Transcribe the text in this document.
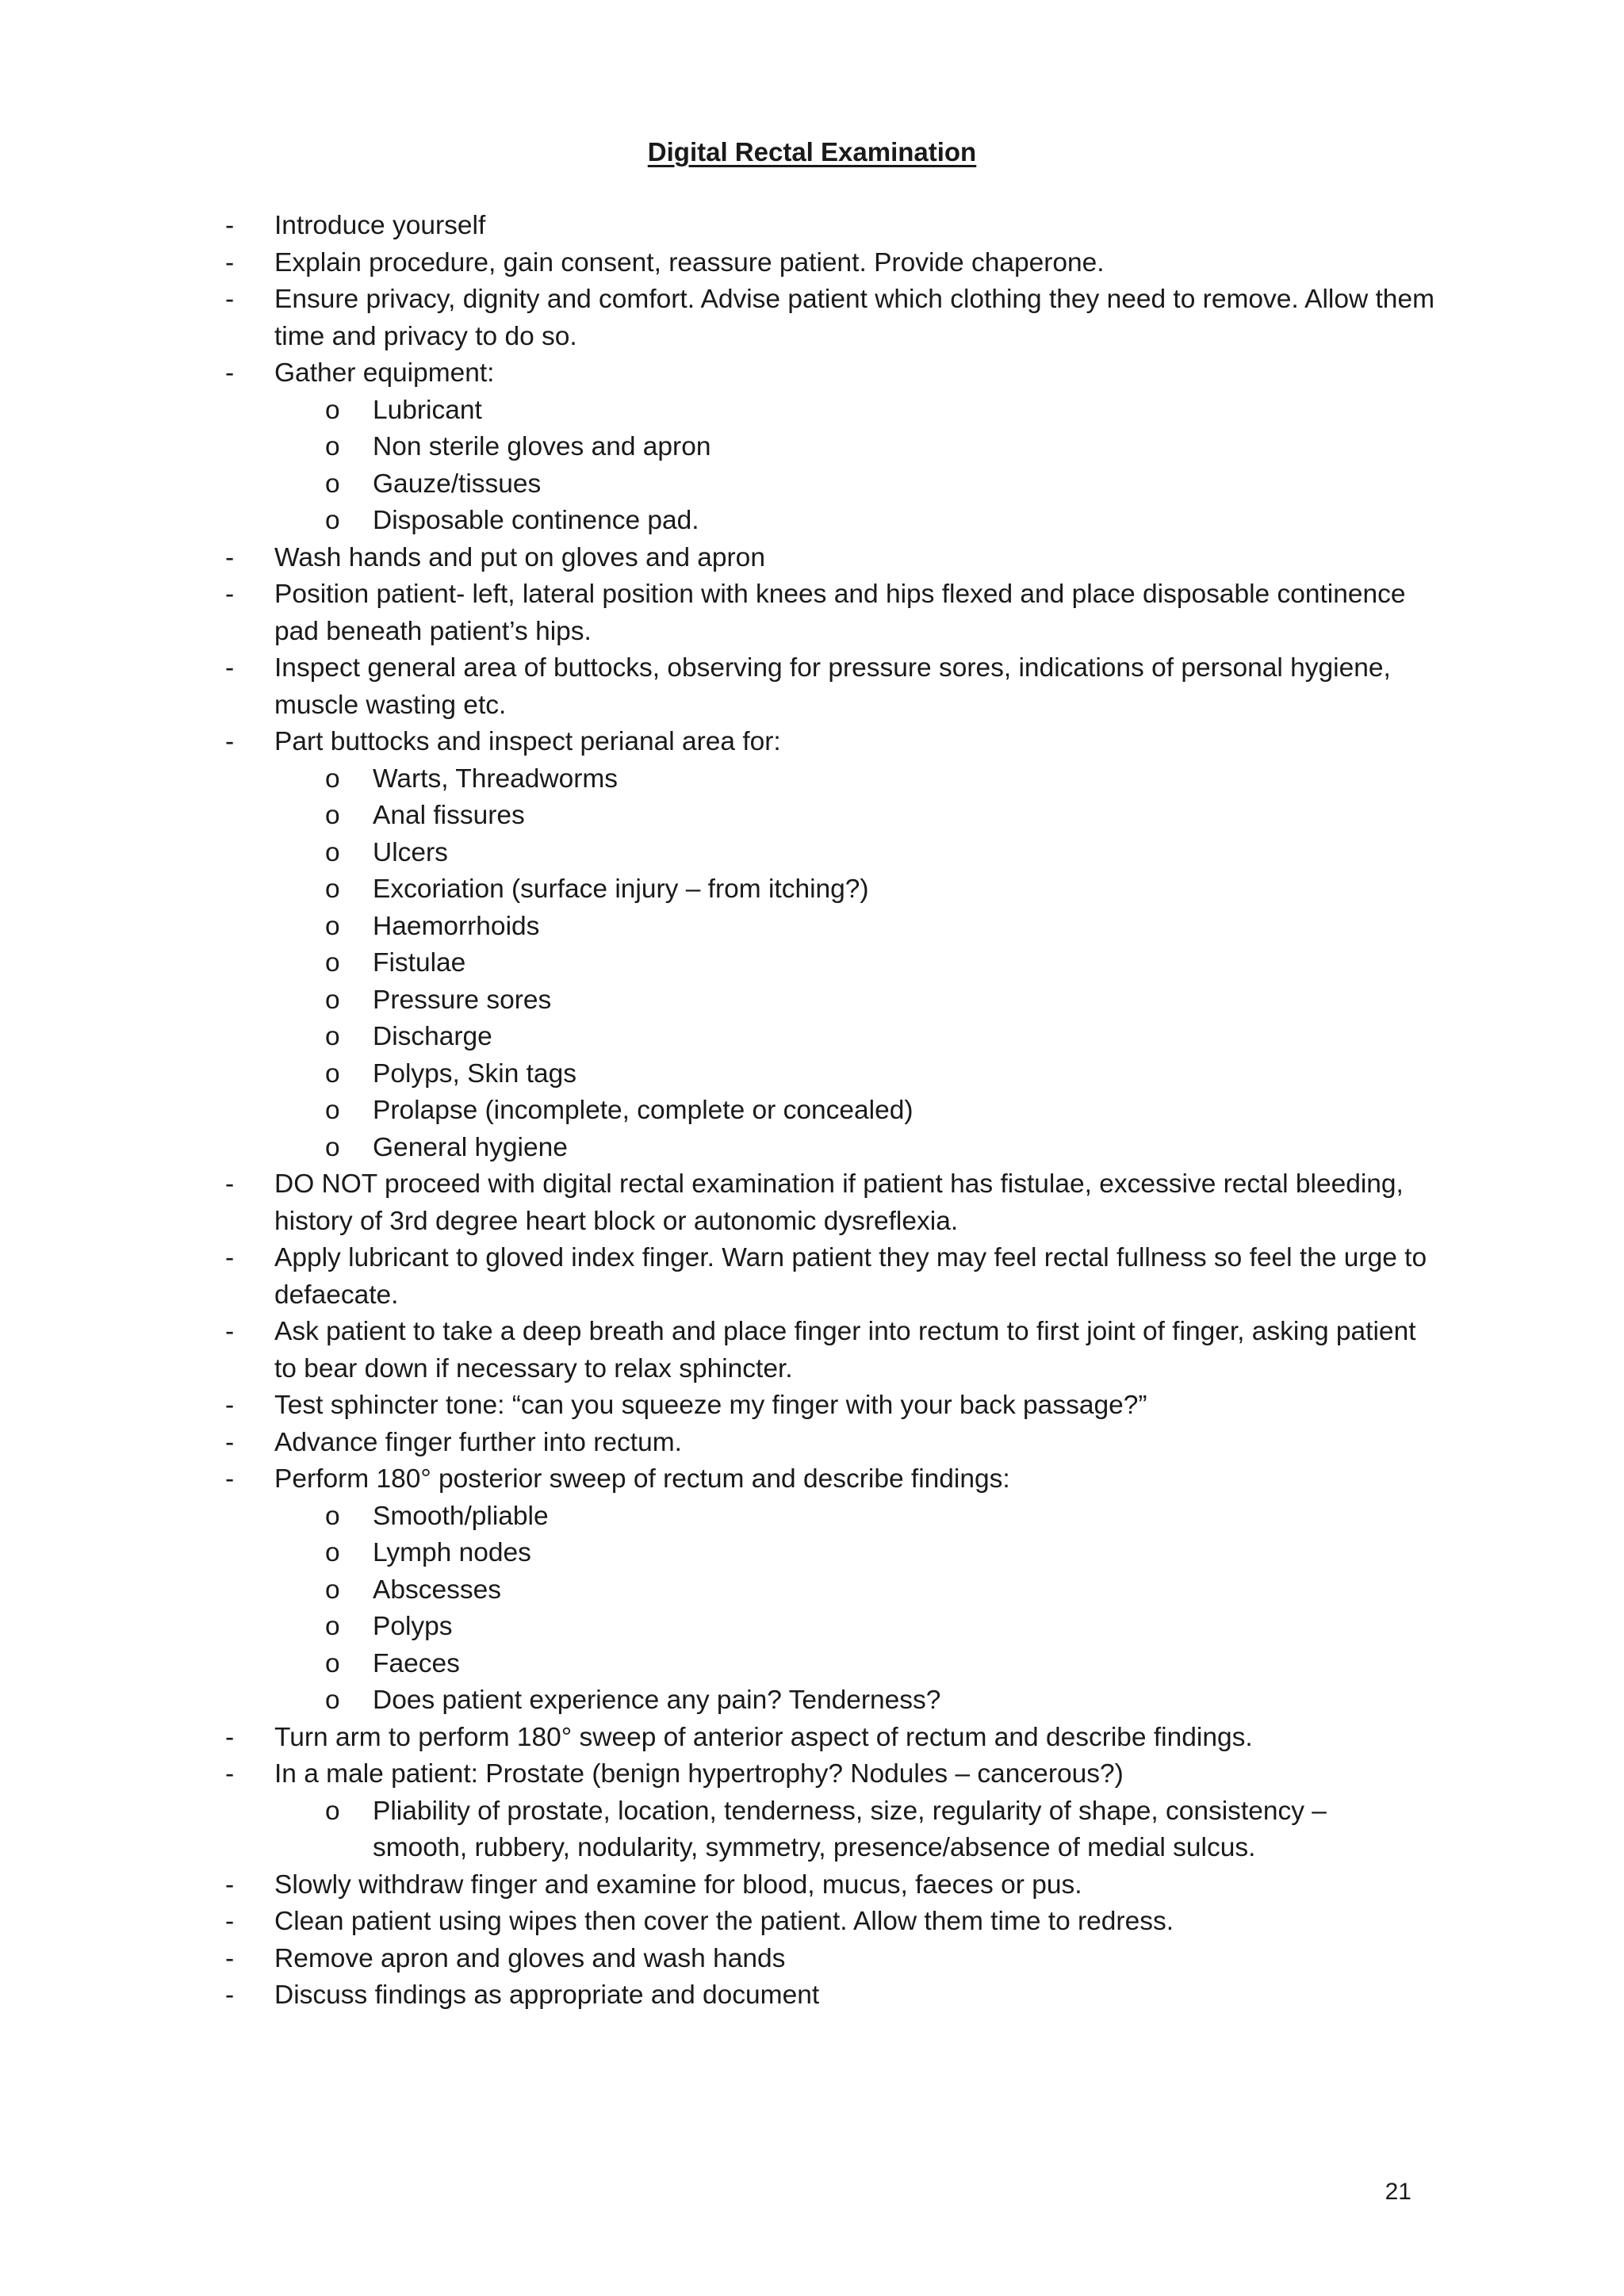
Digital Rectal Examination
- Introduce yourself
- Explain procedure, gain consent, reassure patient. Provide chaperone.
- Ensure privacy, dignity and comfort. Advise patient which clothing they need to remove. Allow them time and privacy to do so.
- Gather equipment:
o Lubricant
o Non sterile gloves and apron
o Gauze/tissues
o Disposable continence pad.
- Wash hands and put on gloves and apron
- Position patient- left, lateral position with knees and hips flexed and place disposable continence pad beneath patient’s hips.
- Inspect general area of buttocks, observing for pressure sores, indications of personal hygiene, muscle wasting etc.
- Part buttocks and inspect perianal area for:
o Warts, Threadworms
o Anal fissures
o Ulcers
o Excoriation (surface injury – from itching?)
o Haemorrhoids
o Fistulae
o Pressure sores
o Discharge
o Polyps, Skin tags
o Prolapse (incomplete, complete or concealed)
o General hygiene
- DO NOT proceed with digital rectal examination if patient has fistulae, excessive rectal bleeding, history of 3rd degree heart block or autonomic dysreflexia.
- Apply lubricant to gloved index finger. Warn patient they may feel rectal fullness so feel the urge to defaecate.
- Ask patient to take a deep breath and place finger into rectum to first joint of finger, asking patient to bear down if necessary to relax sphincter.
- Test sphincter tone: “can you squeeze my finger with your back passage?”
- Advance finger further into rectum.
- Perform 180° posterior sweep of rectum and describe findings:
o Smooth/pliable
o Lymph nodes
o Abscesses
o Polyps
o Faeces
o Does patient experience any pain? Tenderness?
- Turn arm to perform 180° sweep of anterior aspect of rectum and describe findings.
- In a male patient: Prostate (benign hypertrophy? Nodules – cancerous?)
o Pliability of prostate, location, tenderness, size, regularity of shape, consistency – smooth, rubbery, nodularity, symmetry, presence/absence of medial sulcus.
- Slowly withdraw finger and examine for blood, mucus, faeces or pus.
- Clean patient using wipes then cover the patient. Allow them time to redress.
- Remove apron and gloves and wash hands
- Discuss findings as appropriate and document
21
